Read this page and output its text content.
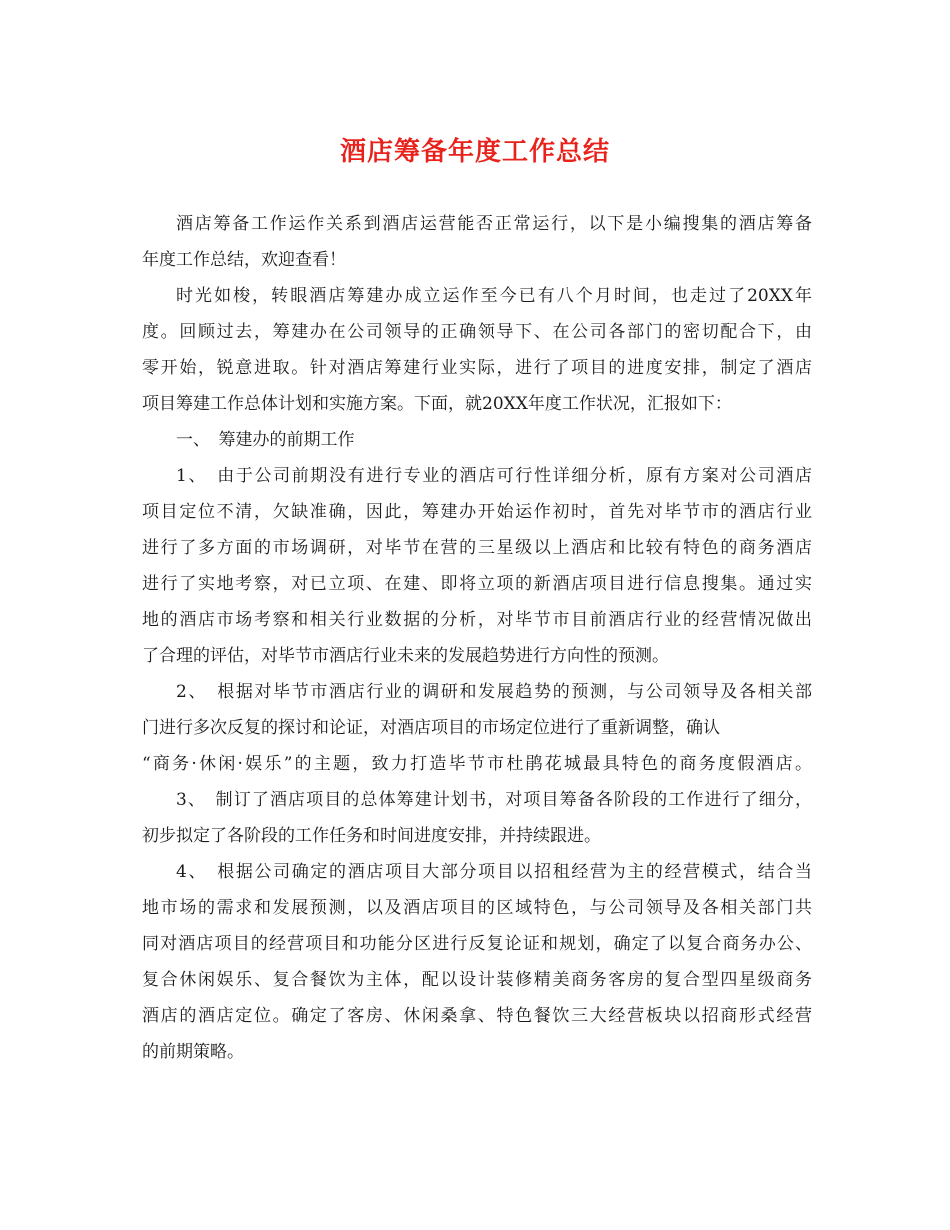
酒店筹备年度工作总结

酒店筹备工作运作关系到酒店运营能否正常运行，以下是小编搜集的酒店筹备
年度工作总结，欢迎查看！

时光如梭，转眼酒店筹建办成立运作至今已有八个月时间，也走过了20XX年
度。回顾过去，筹建办在公司领导的正确领导下、在公司各部门的密切配合下，由
零开始，锐意进取。针对酒店筹建行业实际，进行了项目的进度安排，制定了酒店
项目筹建工作总体计划和实施方案。下面，就20XX年度工作状况，汇报如下：

一、　筹建办的前期工作

1、　由于公司前期没有进行专业的酒店可行性详细分析，原有方案对公司酒店
项目定位不清，欠缺准确，因此，筹建办开始运作初时，首先对毕节市的酒店行业
进行了多方面的市场调研，对毕节在营的三星级以上酒店和比较有特色的商务酒店
进行了实地考察，对已立项、在建、即将立项的新酒店项目进行信息搜集。通过实
地的酒店市场考察和相关行业数据的分析，对毕节市目前酒店行业的经营情况做出
了合理的评估，对毕节市酒店行业未来的发展趋势进行方向性的预测。

2、　根据对毕节市酒店行业的调研和发展趋势的预测，与公司领导及各相关部
门进行多次反复的探讨和论证，对酒店项目的市场定位进行了重新调整，确认
“商务·休闲·娱乐”的主题，致力打造毕节市杜鹃花城最具特色的商务度假酒店。

3、　制订了酒店项目的总体筹建计划书，对项目筹备各阶段的工作进行了细分，
初步拟定了各阶段的工作任务和时间进度安排，并持续跟进。

4、　根据公司确定的酒店项目大部分项目以招租经营为主的经营模式，结合当
地市场的需求和发展预测，以及酒店项目的区域特色，与公司领导及各相关部门共
同对酒店项目的经营项目和功能分区进行反复论证和规划，确定了以复合商务办公、
复合休闲娱乐、复合餐饮为主体，配以设计装修精美商务客房的复合型四星级商务
酒店的酒店定位。确定了客房、休闲桑拿、特色餐饮三大经营板块以招商形式经营
的前期策略。
